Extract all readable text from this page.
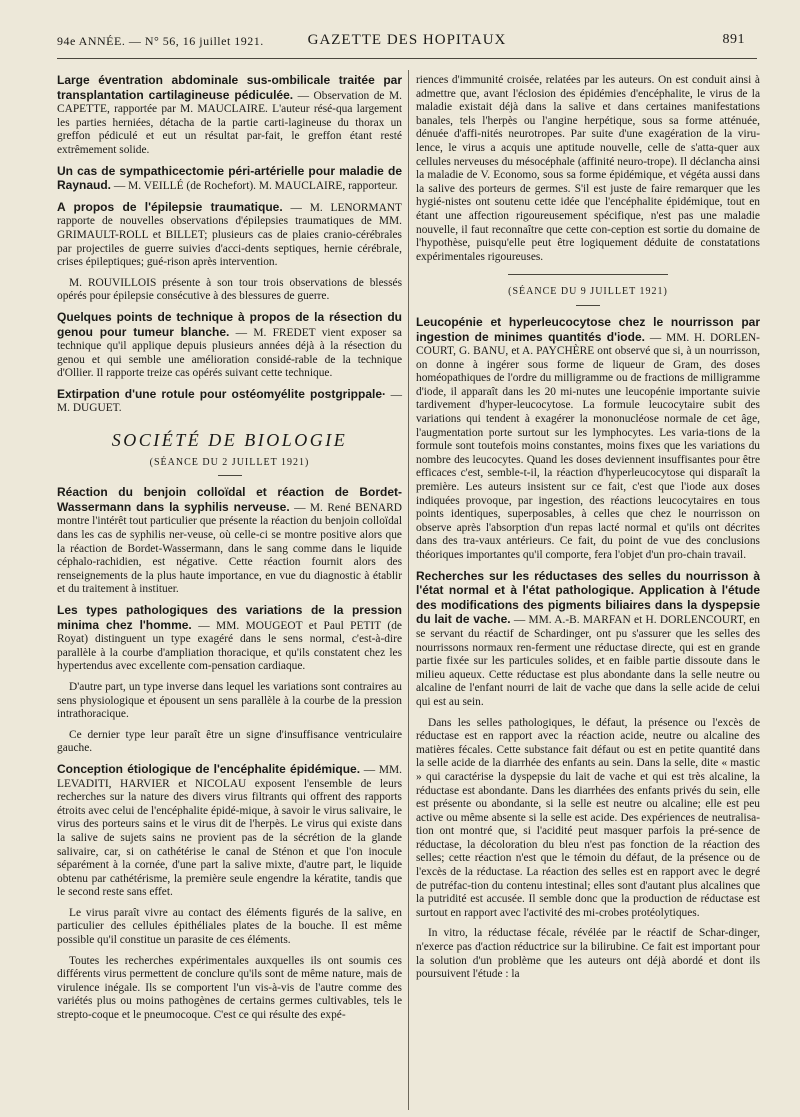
94e ANNÉE. — N° 56, 16 juillet 1921.	GAZETTE DES HOPITAUX	891

Large éventration abdominale sus-ombilicale traitée par transplantation cartilagineuse pédiculée. — Observation de M. CAPETTE, rapportée par M. MAUCLAIRE. L'auteur résé-qua largement les parties herniées, détacha de la partie carti-lagineuse du thorax un greffon pédiculé et eut un résultat par-fait, le greffon étant resté extrêmement solide.

Un cas de sympathicectomie péri-artérielle pour maladie de Raynaud. — M. VEILLÉ (de Rochefort). M. MAUCLAIRE, rapporteur.

A propos de l'épilepsie traumatique. — M. LENORMANT rapporte de nouvelles observations d'épilepsies traumatiques de MM. GRIMAULT-ROLL et BILLET; plusieurs cas de plaies cranio-cérébrales par projectiles de guerre suivies d'acci-dents septiques, hernie cérébrale, crises épileptiques; gué-rison après intervention.

M. ROUVILLOIS présente à son tour trois observations de blessés opérés pour épilepsie consécutive à des blessures de guerre.

Quelques points de technique à propos de la résection du genou pour tumeur blanche. — M. FREDET vient exposer sa technique qu'il applique depuis plusieurs années déjà à la résection du genou et qui semble une amélioration considé-rable de la technique d'Ollier. Il rapporte treize cas opérés suivant cette technique.

Extirpation d'une rotule pour ostéomyélite postgrippale· — M. DUGUET.

SOCIÉTÉ DE BIOLOGIE
(SÉANCE DU 2 JUILLET 1921)

Réaction du benjoin colloïdal et réaction de Bordet-Wassermann dans la syphilis nerveuse. — M. René BENARD montre l'intérêt tout particulier que présente la réaction du benjoin colloïdal dans les cas de syphilis ner-veuse, où celle-ci se montre positive alors que la réaction de Bordet-Wassermann, dans le sang comme dans le liquide céphalo-rachidien, est négative. Cette réaction fournit alors des renseignements de la plus haute importance, en vue du diagnostic à établir et du traitement à instituer.

Les types pathologiques des variations de la pression minima chez l'homme. — MM. MOUGEOT et Paul PETIT (de Royat) distinguent un type exagéré dans le sens normal, c'est-à-dire parallèle à la courbe d'ampliation thoracique, et qu'ils constatent chez les hypertendus avec excellente com-pensation cardiaque.

D'autre part, un type inverse dans lequel les variations sont contraires au sens physiologique et épousent un sens parallèle à la courbe de la pression intrathoracique.

Ce dernier type leur paraît être un signe d'insuffisance ventriculaire gauche.

Conception étiologique de l'encéphalite épidémique. — MM. LEVADITI, HARVIER et NICOLAU exposent l'ensemble de leurs recherches sur la nature des divers virus filtrants qui offrent des rapports étroits avec celui de l'encéphalite épidé-mique, à savoir le virus salivaire, le virus des porteurs sains et le virus dit de l'herpès. Le virus qui existe dans la salive de sujets sains ne provient pas de la sécrétion de la glande salivaire, car, si on cathétérise le canal de Sténon et que l'on inocule séparément à la cornée, d'une part la salive mixte, d'autre part, le liquide obtenu par cathétérisme, la première seule engendre la kératite, tandis que le second reste sans effet.

Le virus paraît vivre au contact des éléments figurés de la salive, en particulier des cellules épithéliales plates de la bouche. Il est même possible qu'il constitue un parasite de ces éléments.

Toutes les recherches expérimentales auxquelles ils ont soumis ces différents virus permettent de conclure qu'ils sont de même nature, mais de virulence inégale. Ils se comportent l'un vis-à-vis de l'autre comme des variétés plus ou moins pathogènes de certains germes cultivables, tels le strepto-coque et le pneumocoque. C'est ce qui résulte des expé-

riences d'immunité croisée, relatées par les auteurs. On est conduit ainsi à admettre que, avant l'éclosion des épidémies d'encéphalite, le virus de la maladie existait déjà dans la salive et dans certaines manifestations banales, tels l'herpès ou l'angine herpétique, sous sa forme atténuée, dénuée d'affi-nités neurotropes. Par suite d'une exagération de la viru-lence, le virus a acquis une aptitude nouvelle, celle de s'atta-quer aux cellules nerveuses du mésocéphale (affinité neuro-trope). Il déclancha ainsi la maladie de V. Economo, sous sa forme épidémique, et végéta aussi dans la salive des porteurs de germes. S'il est juste de faire remarquer que les hygié-nistes ont soutenu cette idée que l'encéphalite épidémique, tout en étant une affection rigoureusement spécifique, n'est pas une maladie nouvelle, il faut reconnaître que cette con-ception est sortie du domaine de l'hypothèse, puisqu'elle peut être logiquement déduite de constatations expérimentales rigoureuses.

(SÉANCE DU 9 JUILLET 1921)

Leucopénie et hyperleucocytose chez le nourrisson par ingestion de minimes quantités d'iode. — MM. H. DORLEN-COURT, G. BANU, et A. PAYCHÈRE ont observé que si, à un nourrisson, on donne à ingérer sous forme de liqueur de Gram, des doses homéopathiques de l'ordre du milligramme ou de fractions de milligramme d'iode, il apparaît dans les 20 mi-nutes une leucopénie importante suivie tardivement d'hyper-leucocytose. La formule leucocytaire subit des variations qui tendent à exagérer la mononucléose normale de cet âge, l'augmentation porte surtout sur les lymphocytes. Les varia-tions de la formule sont toutefois moins constantes, moins fixes que les variations du nombre des leucocytes. Quand les doses deviennent insuffisantes pour être efficaces c'est, semble-t-il, la réaction d'hyperleucocytose qui disparaît la première. Les auteurs insistent sur ce fait, c'est que l'iode aux doses indiquées provoque, par ingestion, des réactions leucocytaires en tous points identiques, superposables, à celles que chez le nourrisson on observe après l'absorption d'un repas lacté normal et qu'ils ont décrites dans des tra-vaux antérieurs. Ce fait, du point de vue des conclusions théoriques importantes qu'il comporte, fera l'objet d'un pro-chain travail.

Recherches sur les réductases des selles du nourrisson à l'état normal et à l'état pathologique. Application à l'étude des modifications des pigments biliaires dans la dyspepsie du lait de vache. — MM. A.-B. MARFAN et H. DORLENCOURT, en se servant du réactif de Scharding​er, ont pu s'assurer que les selles des nourrissons normaux ren-ferment une réductase directe, qui est en grande partie fixée sur les particules solides, et en faible partie dissoute dans le milieu aqueux. Cette réductase est plus abondante dans la selle neutre ou alcaline de l'enfant nourri de lait de vache que dans la selle acide de celui qui est au sein.

Dans les selles pathologiques, le défaut, la présence ou l'excès de réductase est en rapport avec la réaction acide, neutre ou alcaline des matières fécales. Cette substance fait défaut ou est en petite quantité dans la selle acide de la diarrhée des enfants au sein. Dans la selle, dite « mastic » qui caractérise la dyspepsie du lait de vache et qui est très alcaline, la réductase est abondante. Dans les diarrhées des enfants privés du sein, elle est présente ou abondante, si la selle est neutre ou alcaline; elle est peu active ou même absente si la selle est acide. Des expériences de neutralisa-tion ont montré que, si l'acidité peut masquer parfois la pré-sence de réductase, la décoloration du bleu n'est pas fonction de la réaction des selles; cette réaction n'est que le témoin du défaut, de la présence ou de l'excès de la réductase. La réaction des selles est en rapport avec le degré de putréfac-tion du contenu intestinal; elles sont d'autant plus alcalines que la putridité est accusée. Il semble donc que la production de réductase est surtout en rapport avec l'activité des mi-crobes protéolytiques.

In vitro, la réductase fécale, révélée par le réactif de Schar-dinger, n'exerce pas d'action réductrice sur la bilirubine. Ce fait est important pour la solution d'un problème que les auteurs ont déjà abordé et dont ils poursuivent l'étude : la
